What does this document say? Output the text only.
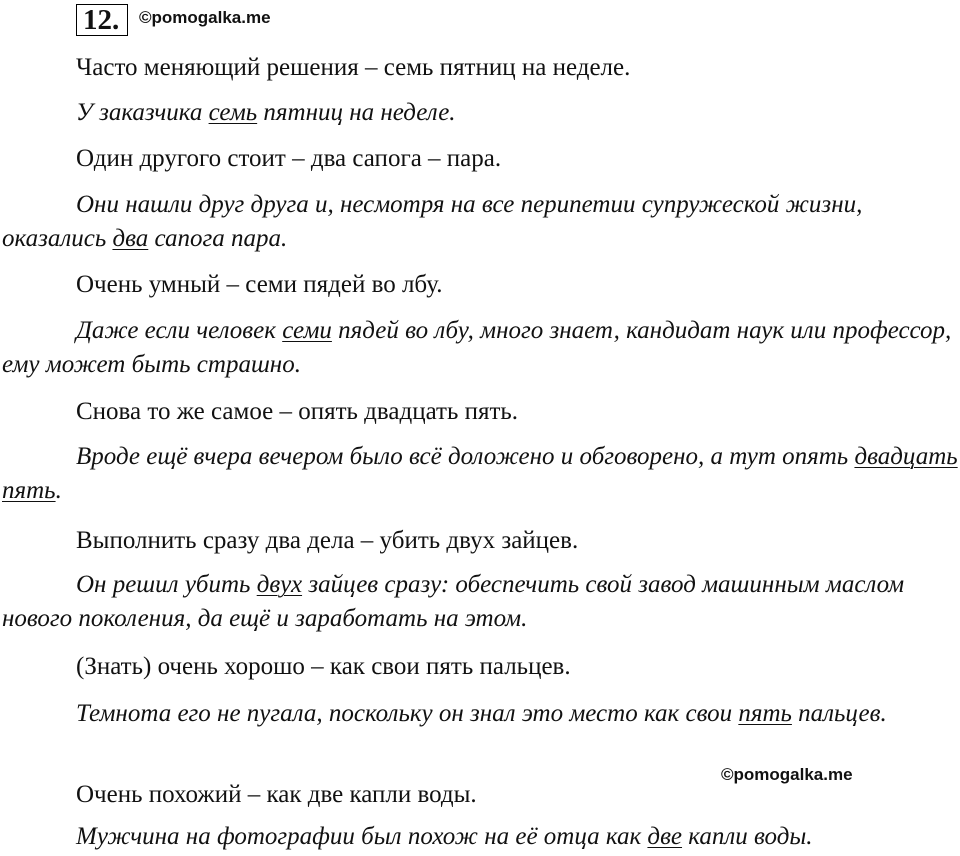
12.	©pomogalka.me
©pomogalka.me
Часто меняющий решения – семь пятниц на неделе.
У заказчика семь пятниц на неделе.
Один другого стоит – два сапога – пара.
Они нашли друг друга и, несмотря на все перипетии супружеской жизни, оказались два сапога пара.
Очень умный – семи пядей во лбу.
Даже если человек семи пядей во лбу, много знает, кандидат наук или профессор, ему может быть страшно.
Снова то же самое – опять двадцать пять.
Вроде ещё вчера вечером было всё доложено и обговорено, а тут опять двадцать пять.
Выполнить сразу два дела – убить двух зайцев.
Он решил убить двух зайцев сразу: обеспечить свой завод машинным маслом нового поколения, да ещё и заработать на этом.
(Знать) очень хорошо – как свои пять пальцев.
Темнота его не пугала, поскольку он знал это место как свои пять пальцев.
Очень похожий – как две капли воды.
Мужчина на фотографии был похож на её отца как две капли воды.
